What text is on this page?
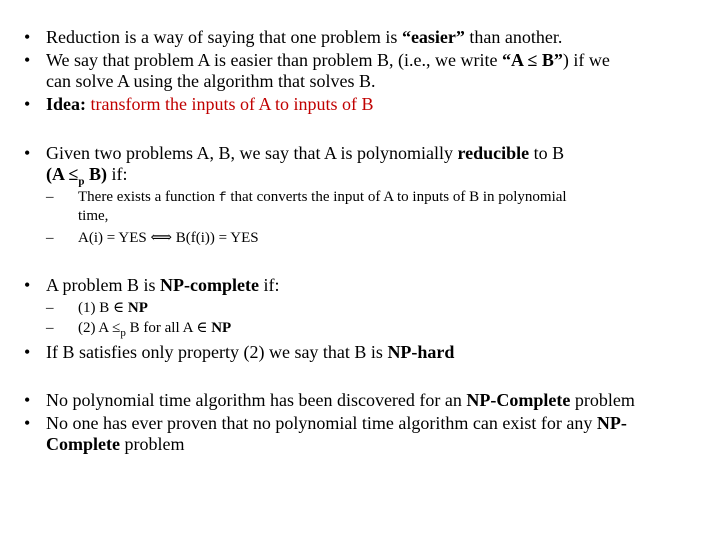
• Reduction is a way of saying that one problem is “easier” than another.
• We say that problem A is easier than problem B, (i.e., we write “A ≤ B”) if we
can solve A using the algorithm that solves B.
• Idea: transform the inputs of A to inputs of B
• Given two problems A, B, we say that A is polynomially reducible to B
($A \le_p$ B) if:
– There exists a function f that converts the input of A to inputs of B in polynomial
time,
– A(i) = YES ⟺ B(f(i)) = YES
• A problem B is NP-complete if:
– (1) B ∈ NP
– (2) $A \le_p$ B for all A ∈ NP
• If B satisfies only property (2) we say that B is NP-hard
• No polynomial time algorithm has been discovered for an NP-Complete problem
• No one has ever proven that no polynomial time algorithm can exist for any NP-
Complete problem
